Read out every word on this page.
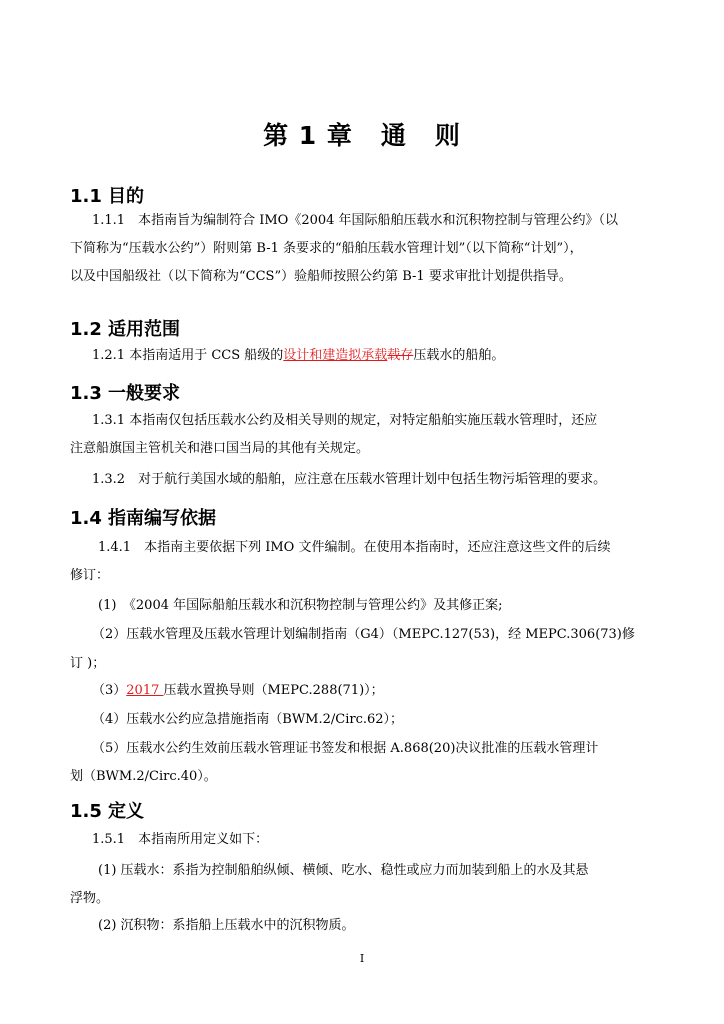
第 1 章 通 则
1.1 目的
1.1.1　本指南旨为编制符合 IMO《2004 年国际船舶压载水和沉积物控制与管理公约》（以
下简称为“压载水公约”）附则第 B-1 条要求的“船舶压载水管理计划”（以下简称“计划”），
以及中国船级社（以下简称为“CCS”）验船师按照公约第 B-1 要求审批计划提供指导。
1.2 适用范围
1.2.1 本指南适用于 CCS 船级的设计和建造拟承载载存压载水的船舶。
1.3 一般要求
1.3.1 本指南仅包括压载水公约及相关导则的规定，对特定船舶实施压载水管理时，还应
注意船旗国主管机关和港口国当局的其他有关规定。
1.3.2　对于航行美国水域的船舶，应注意在压载水管理计划中包括生物污垢管理的要求。
1.4 指南编写依据
1.4.1　本指南主要依据下列 IMO 文件编制。在使用本指南时，还应注意这些文件的后续
修订：
(1)　《2004 年国际船舶压载水和沉积物控制与管理公约》及其修正案;
（2）压载水管理及压载水管理计划编制指南（G4）（MEPC.127(53)，经 MEPC.306(73)修
订 )；
（3）2017 压载水置换导则（MEPC.288(71)）；
（4）压载水公约应急措施指南（BWM.2/Circ.62）；
（5）压载水公约生效前压载水管理证书签发和根据 A.868(20)决议批准的压载水管理计
划（BWM.2/Circ.40）。
1.5 定义
1.5.1　本指南所用定义如下：
(1) 压载水：系指为控制船舶纵倾、横倾、吃水、稳性或应力而加装到船上的水及其悬
浮物。
(2) 沉积物：系指船上压载水中的沉积物质。
I
